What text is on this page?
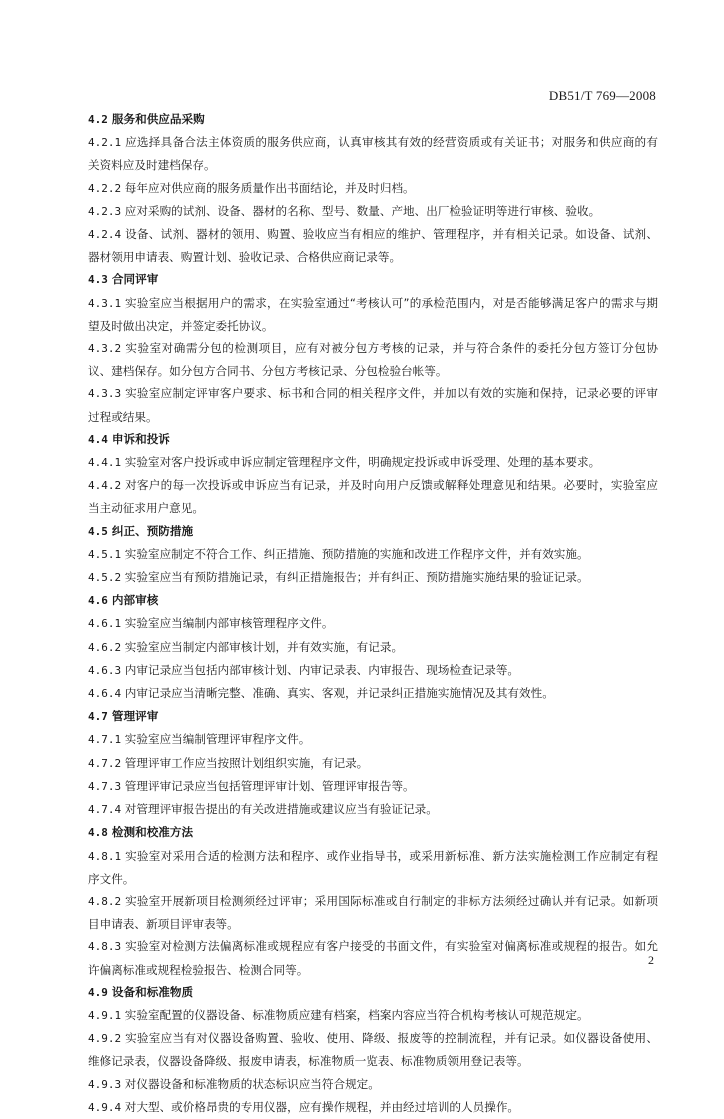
DB51/T 769—2008
4.2 服务和供应品采购
4.2.1 应选择具备合法主体资质的服务供应商，认真审核其有效的经营资质或有关证书；对服务和供应商的有关资料应及时建档保存。
4.2.2 每年应对供应商的服务质量作出书面结论，并及时归档。
4.2.3 应对采购的试剂、设备、器材的名称、型号、数量、产地、出厂检验证明等进行审核、验收。
4.2.4 设备、试剂、器材的领用、购置、验收应当有相应的维护、管理程序，并有相关记录。如设备、试剂、器材领用申请表、购置计划、验收记录、合格供应商记录等。
4.3 合同评审
4.3.1 实验室应当根据用户的需求，在实验室通过“考核认可”的承检范围内，对是否能够满足客户的需求与期望及时做出决定，并签定委托协议。
4.3.2 实验室对确需分包的检测项目，应有对被分包方考核的记录，并与符合条件的委托分包方签订分包协议、建档保存。如分包方合同书、分包方考核记录、分包检验台帐等。
4.3.3 实验室应制定评审客户要求、标书和合同的相关程序文件，并加以有效的实施和保持，记录必要的评审过程或结果。
4.4 申诉和投诉
4.4.1 实验室对客户投诉或申诉应制定管理程序文件，明确规定投诉或申诉受理、处理的基本要求。
4.4.2 对客户的每一次投诉或申诉应当有记录，并及时向用户反馈或解释处理意见和结果。必要时，实验室应当主动征求用户意见。
4.5 纠正、预防措施
4.5.1 实验室应制定不符合工作、纠正措施、预防措施的实施和改进工作程序文件，并有效实施。
4.5.2 实验室应当有预防措施记录，有纠正措施报告；并有纠正、预防措施实施结果的验证记录。
4.6 内部审核
4.6.1 实验室应当编制内部审核管理程序文件。
4.6.2 实验室应当制定内部审核计划，并有效实施，有记录。
4.6.3 内审记录应当包括内部审核计划、内审记录表、内审报告、现场检查记录等。
4.6.4 内审记录应当清晰完整、准确、真实、客观，并记录纠正措施实施情况及其有效性。
4.7 管理评审
4.7.1 实验室应当编制管理评审程序文件。
4.7.2 管理评审工作应当按照计划组织实施，有记录。
4.7.3 管理评审记录应当包括管理评审计划、管理评审报告等。
4.7.4 对管理评审报告提出的有关改进措施或建议应当有验证记录。
4.8 检测和校准方法
4.8.1 实验室对采用合适的检测方法和程序、或作业指导书，或采用新标准、新方法实施检测工作应制定有程序文件。
4.8.2 实验室开展新项目检测须经过评审；采用国际标准或自行制定的非标方法须经过确认并有记录。如新项目申请表、新项目评审表等。
4.8.3 实验室对检测方法偏离标准或规程应有客户接受的书面文件，有实验室对偏离标准或规程的报告。如允许偏离标准或规程检验报告、检测合同等。
4.9 设备和标准物质
4.9.1 实验室配置的仪器设备、标准物质应建有档案，档案内容应当符合机构考核认可规范规定。
4.9.2 实验室应当有对仪器设备购置、验收、使用、降级、报废等的控制流程，并有记录。如仪器设备使用、维修记录表，仪器设备降级、报废申请表，标准物质一览表、标准物质领用登记表等。
4.9.3 对仪器设备和标准物质的状态标识应当符合规定。
4.9.4 对大型、或价格昂贵的专用仪器，应有操作规程，并由经过培训的人员操作。
2
